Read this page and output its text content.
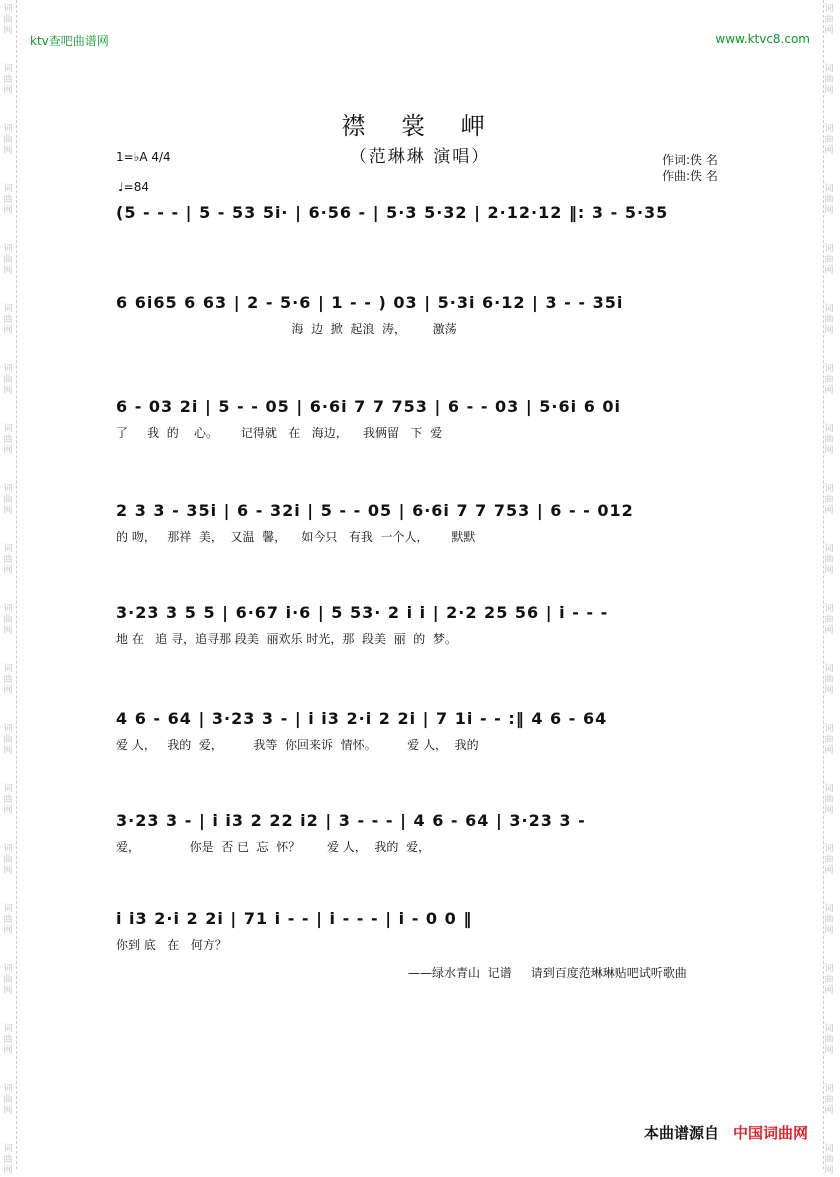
ktv查吧曲谱网	www.ktvc8.com
襟 裳 岬
（范琳琳 演唱）	作词:佚 名
作曲:佚 名
1=♭A 4/4
♩=84
(5 - - - | 5 - 53 5i· | 6·56 - | 5·3 5·32 | 2·12·12 ‖: 3 - 5·35
6 6i65 6 63 | 2 - 5·6 | 1 - - ) 03 | 5·3i 6·12 | 3 - - 35i
海  边  掀  起浪  涛，       激荡
6 - 03 2i | 5 - - 05 | 6·6i 7 7 753 | 6 - - 03 | 5·6i 6 0i
了     我  的    心。      记得就   在   海边，    我俩留   下  爱
2 3 3 - 35i | 6 - 32i | 5 - - 05 | 6·6i 7 7 753 | 6 - - 012
的 吻，   那祥  美，  又温  馨，    如今只   有我  一个人，      默默
3·23 3 5 5 | 6·67 i·6 | 5 53· 2 i i | 2·2 25 56 | i - - -
地 在   追 寻，追寻那 段美  丽欢乐 时光，那  段美  丽  的  梦。
4 6 - 64 | 3·23 3 - | i i3 2·i 2 2i | 7 1i - - :‖ 4 6 - 64
爱 人，   我的  爱，        我等  你回来诉  情怀。        爱 人，  我的
3·23 3 - | i i3 2 22 i2 | 3 - - - | 4 6 - 64 | 3·23 3 -
爱，             你是  否 已  忘  怀？       爱 人，  我的  爱，
i i3 2·i 2 2i | 71 i - - | i - - - | i - 0 0 ‖
你到 底   在   何方？
——绿水青山  记谱     请到百度范琳琳贴吧试听歌曲
本曲谱源自 中国词曲网
词
曲
网
词
曲
网
词
曲
网
词
曲
网
词
曲
网
词
曲
网
词
曲
网
词
曲
网
词
曲
网
词
曲
网
词
曲
网
词
曲
网
词
曲
网
词
曲
网
词
曲
网
词
曲
网
词
曲
网
词
曲
网
词
曲
网
词
曲
网
词
曲
网
词
曲
网
词
曲
网
词
曲
网
词
曲
网
词
曲
网
词
曲
网
词
曲
网
词
曲
网
词
曲
网
词
曲
网
词
曲
网
词
曲
网
词
曲
网
词
曲
网
词
曲
网
词
曲
网
词
曲
网
词
曲
网
词
曲
网
